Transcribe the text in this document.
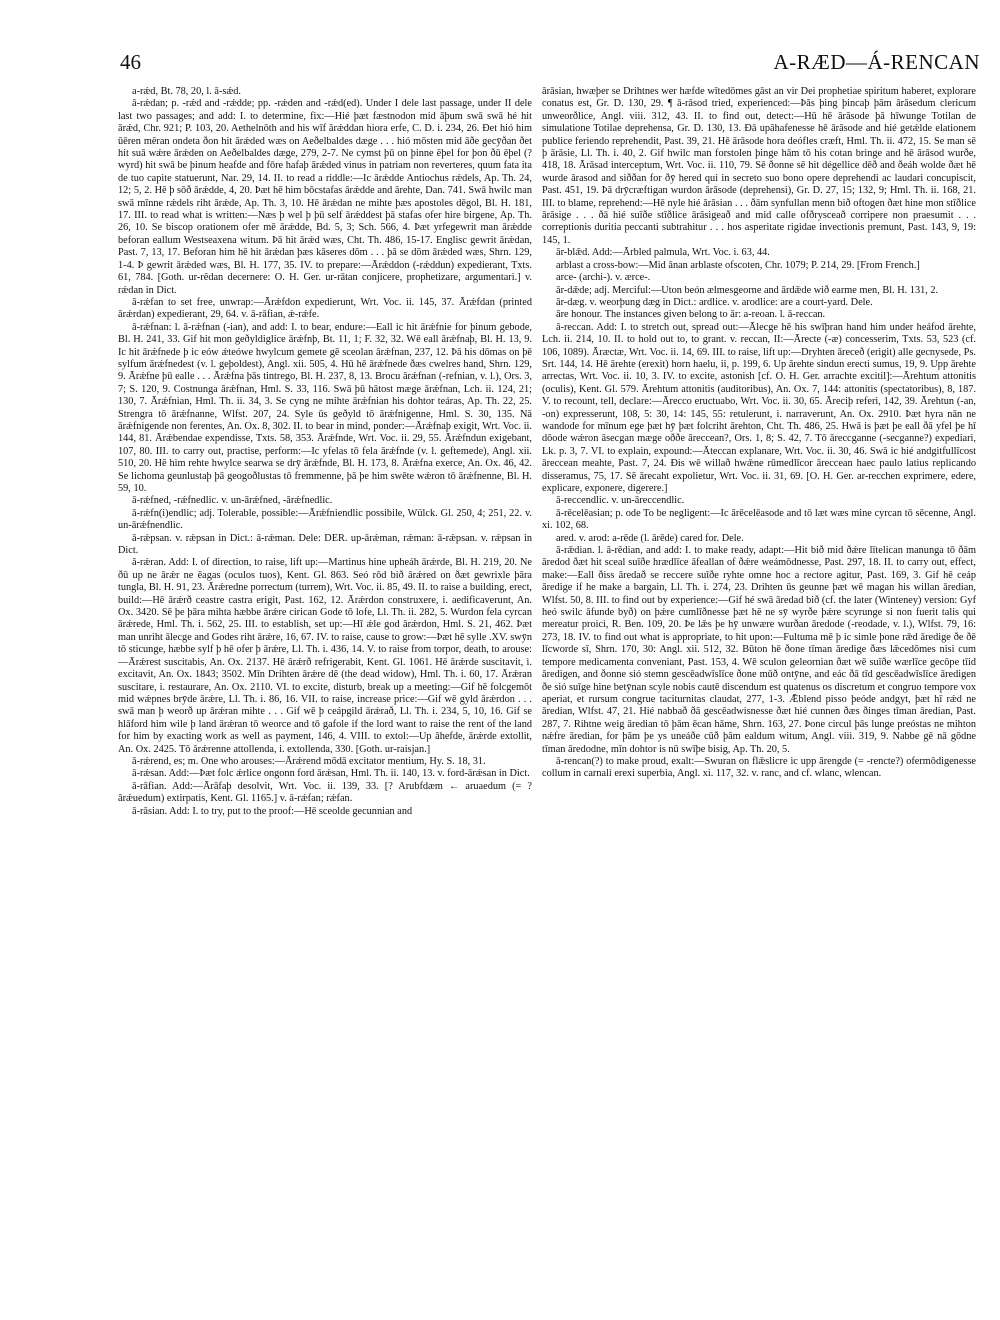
46	A-RÆD—Á-RENCAN

a-rǽd, Bt. 78, 20, l. ā-sǽd.

ā-rǽdan; p. -rǽd and -rǽdde; pp. -rǽden and -rǽd(ed). Under I dele last passage, under II dele last two passages; and add: I. to determine, fix:—Hié þæt fæstnodon mid āþum swā swā hé hit ārǽd, Chr. 921; P. 103, 20. Aethelnōth and his wīf ārǽddan hiora erfe, C. D. i. 234, 26. Ðet hió him ūēren mēran ondeta ðon hit ārǽded wæs on Aeðelbaldes dæge . . . hió mōsten mid āðe gecȳðan ðet hit suā wǽre ārǽden on Aeðelbaldes dæge, 279, 2-7. Ne cymst þū on þinne ēþel for þon ðū ēþel (? wyrd) hit swā be þinum heafde and fōre hafaþ ārǽded vinus in patriam non reverteres, quum fata ita de tuo capite statuerunt, Nar. 29, 14. II. to read a riddle:—Ic ārǽdde Antiochus rǽdels, Ap. Th. 24, 12; 5, 2. Hē þ sōð ārǽdde, 4, 20. Þæt hē him bōcstafas ārǽdde and ārehte, Dan. 741. Swā hwilc man swā mīnne rǽdels riht ārǽde, Ap. Th. 3, 10. Hē ārǽdan ne mihte þæs apostoles dēgol, Bl. H. 181, 17. III. to read what is written:—Næs þ wel þ þū self ārǽddest þā stafas ofer hire birgene, Ap. Th. 26, 10. Se biscop orationem ofer mē ārǽdde, Bd. 5, 3; Sch. 566, 4. Þæt yrfegewrit man ārǽdde beforan eallum Westseaxena witum. Þā hit ārǽd wæs, Cht. Th. 486, 15-17. Englisc gewrit ārǽdan, Past. 7, 13, 17. Beforan him hē hit ārǽdan þæs kāseres dōm . . . þā se dōm ārǽded wæs, Shrn. 129, 1-4. Þ gewrit ārǽded wæs, Bl. H. 177, 35. IV. to prepare:—Ārǽddon (-rǽddun) expedierant, Txts. 61, 784. [Goth. ur-rēdan decernere: O. H. Ger. ur-rātan conjicere, prophetizare, argumentari.] v. rǽdan in Dict.

ā-rǽfan to set free, unwrap:—Ārǽfdon expedierunt, Wrt. Voc. ii. 145, 37. Ārǽfdan (printed ārǽrdan) expedierant, 29, 64. v. ā-rāfian, ǽ-rǽfe.

ā-rǽfnan: l. ā-rǽfnan (-ian), and add: I. to bear, endure:—Eall ic hit ārǽfnie for þinum gebode, Bl. H. 241, 33. Gif hit mon geðyldiglice ārǽfnþ, Bt. 11, 1; F. 32, 32. Wē eall ārǽfnaþ, Bl. H. 13, 9. Ic hit ārǽfnede þ ic eów ǽteówe hwylcum gemete gē sceolan ārǽfnan, 237, 12. Þā his dōmas on þē sylfum ārǽfnedest (v. l. geþoldest), Angl. xii. 505, 4. Hū hē ārǽfnede ðæs cwelres hand, Shrn. 129, 9. Ārǽfne þū ealle . . . Ārǽfna þās tintrego, Bl. H. 237, 8, 13. Brocu ārǽfnan (-refnian, v. l.), Ors. 3, 7; S. 120, 9. Costnunga ārǽfnan, Hml. S. 33, 116. Swā þū hātost mæge ārǽfnan, Lch. ii. 124, 21; 130, 7. Ārǽfnian, Hml. Th. ii. 34, 3. Se cyng ne mihte ārǽfnian his dohtor teáras, Ap. Th. 22, 25. Strengra tō ārǽfnanne, Wlfst. 207, 24. Syle ūs geðyld tō ārǽfnigenne, Hml. S. 30, 135. Nā ārǽfnigende non ferentes, An. Ox. 8, 302. II. to bear in mind, ponder:—Ārǽfnaþ exigit, Wrt. Voc. ii. 144, 81. Ārǽbendae expendisse, Txts. 58, 353. Ārǽfnde, Wrt. Voc. ii. 29, 55. Ārǽfndun exigebant, 107, 80. III. to carry out, practise, perform:—Ic yfelas tō fela ārǽfnde (v. l. geftemede), Angl. xii. 510, 20. Hē him rehte hwylce searwa se drȳ ārǽfnde, Bl. H. 173, 8. Ārǽfna exerce, An. Ox. 46, 42. Se lichoma geunlustaþ þā geogoðlustas tō fremmenne, þā þe him swēte wǽron tō ārǽfnenne, Bl. H. 59, 10.

ā-rǽfned, -rǽfnedlic. v. un-ārǽfned, -ārǽfnedlic.

ā-rǽfn(i)endlic; adj. Tolerable, possible:—Ārǽfniendlic possibile, Wülck. Gl. 250, 4; 251, 22. v. un-ārǽfnendlic.

ā-rǽpsan. v. rǽpsan in Dict.: ā-rǽman. Dele: DER. up-ārǽman, rǽman: ā-rǽpsan. v. rǽpsan in Dict.

ā-rǽran. Add: I. of direction, to raise, lift up:—Martinus hine upheáh ārǽrde, Bl. H. 219, 20. Ne ðū up ne ārǽr ne ēagas (oculos tuos), Kent. Gl. 863. Seó rōd bið ārǽred on ðæt gewrixle þāra tungla, Bl. H. 91, 23. Ārǽredne porrectum (turrem), Wrt. Voc. ii. 85, 49. II. to raise a building, erect, build:—Hē ārǽrð ceastre castra erigit, Past. 162, 12. Ārǽrdon construxere, i. aedificaverunt, An. Ox. 3420. Sē þe þāra mihta hæbbe ārǽre cirican Gode tō lofe, Ll. Th. ii. 282, 5. Wurdon fela cyrcan ārǽrede, Hml. Th. i. 562, 25. III. to establish, set up:—Hī ǽle god ārǽrdon, Hml. S. 21, 462. Þæt man unriht ālecge and Godes riht ārǽre, 16, 67. IV. to raise, cause to grow:—Þæt hē sylle .XV. swȳn tō sticunge, hæbbe sylf þ hē ofer þ ārǽre, Ll. Th. i. 436, 14. V. to raise from torpor, death, to arouse:—Ārǽrest suscitabis, An. Ox. 2137. Hē ārǽrð refrigerabit, Kent. Gl. 1061. Hē ārǽrde suscitavit, i. excitavit, An. Ox. 1843; 3502. Mīn Drihten ārǽre dē (the dead widow), Hml. Th. i. 60, 17. Ārǽran suscitare, i. restaurare, An. Ox. 2110. VI. to excite, disturb, break up a meeting:—Gif hē folcgemōt mid wǽpnes brȳde ārǽre, Ll. Th. i. 86, 16. VII. to raise, increase price:—Gif wē gyld ārǽrdon . . . swā man þ weorð up ārǽran mihte . . . Gif wē þ ceápgild ārǽrað, Ll. Th. i. 234, 5, 10, 16. Gif se hlāford him wile þ land ārǽran tō weorce and tō gafole if the lord want to raise the rent of the land for him by exacting work as well as payment, 146, 4. VIII. to extol:—Up āhefde, ārǽrde extollit, An. Ox. 2425. Tō ārǽrenne attollenda, i. extollenda, 330. [Goth. ur-raisjan.]

ā-rǽrend, es; m. One who arouses:—Ārǽrend mōdā excitator mentium, Hy. S. 18, 31.

ā-rǽsan. Add:—Þæt folc ǽrlice ongonn ford ārǽsan, Hml. Th. ii. 140, 13. v. ford-ārǽsan in Dict.

ā-rāfian. Add:—Ārāfaþ desolvit, Wrt. Voc. ii. 139, 33. [? Arubfdæm ← aruaedum (= ? ārǽuedum) extirpatis, Kent. Gl. 1165.] v. ā-rǽfan; rǽfan.

ā-rāsian. Add: I. to try, put to the proof:—Hē sceolde gecunnian and

ārāsian, hwæþer se Drihtnes wer hæfde wītedōmes gāst an vir Dei prophetiae spiritum haberet, explorare conatus est, Gr. D. 130, 29. ¶ ā-rāsod tried, experienced:—Þās þing þincaþ þām ārāsedum clericum unweorðlice, Angl. viii. 312, 43. II. to find out, detect:—Hū hē ārāsode þā hīwunge Totilan de simulatione Totilae deprehensa, Gr. D. 130, 13. Ðā upāhafenesse hē ārāsode and hié getǽlde elationem publice feriendo reprehendit, Past. 39, 21. Hē ārāsode hora deófles cræft, Hml. Th. ii. 472, 15. Se man sē þ ārāsie, Ll. Th. i. 40, 2. Gif hwilc man forstolen þinge hām tō his cotan bringe and hē ārāsod wurðe, 418, 18. Ārāsad interceptum, Wrt. Voc. ii. 110, 79. Sē ðonne sē hit dégellice dēð and ðeáh wolde ðæt hē wurde ārasod and siððan for ðȳ hered qui in secreto suo bono opere deprehendi ac laudari concupiscit, Past. 451, 19. Þā drȳcræftigan wurdon ārāsode (deprehensi), Gr. D. 27, 15; 132, 9; Hml. Th. ii. 168, 21. III. to blame, reprehend:—Hē nyle hié ārāsian . . . ðām synfullan menn bið oftogen ðæt hine mon stīðlice ārāsige . . . ðā hié suīðe stīðlice ārāsigeað and mid calle ofðrysceað corripere non praesumit . . . correptionis duritia peccanti subtrahitur . . . hos asperitate rigidae invectionis premunt, Past. 143, 9, 19: 145, 1.

ār-blǣd. Add:—Ārbled palmula, Wrt. Voc. i. 63, 44.

arblast a cross-bow:—Mid ānan arblaste ofscoten, Chr. 1079; P. 214, 29. [From French.]

arce- (archi-). v. ærce-.

ār-dǣde; adj. Merciful:—Uton beón ælmesgeorne and ārdǣde wið earme men, Bl. H. 131, 2.

ār-dæg. v. weorþung dæg in Dict.: ardlice. v. arodlice: are a court-yard. Dele.

āre honour. The instances given belong to ār: a-reoan. l. ā-reccan.

ā-reccan. Add: I. to stretch out, spread out:—Ālecge hē his swīþran hand him under heáfod ārehte, Lch. ii. 214, 10. II. to hold out to, to grant. v. reccan, II:—Ārecte (-æ) concesserim, Txts. 53, 523 (cf. 106, 1089). Āræctæ, Wrt. Voc. ii. 14, 69. III. to raise, lift up:—Dryhten āreceð (erigit) alle gecnysede, Ps. Srt. 144, 14. Hē ārehte (erexit) horn haelu, ii, p. 199, 6. Up ārehte sindun erecti sumus, 19, 9. Upp ārehte arrectas, Wrt. Voc. ii. 10, 3. IV. to excite, astonish [cf. O. H. Ger. arrachte excitil]:—Ārehtum attonitis (oculis), Kent. Gl. 579. Ārehtum attonitis (auditoribus), An. Ox. 7, 144: attonitis (spectatoribus), 8, 187. V. to recount, tell, declare:—Ārecco eructuabo, Wrt. Voc. ii. 30, 65. Āreciþ referi, 142, 39. Ārehtun (-an, -on) expresserunt, 108, 5: 30, 14: 145, 55: retulerunt, i. narraverunt, An. Ox. 2910. Þæt hyra nān ne wandode for mīnum ege þæt hȳ þæt folcriht ārehton, Cht. Th. 486, 25. Hwā is þæt þe eall ðā yfel þe hī dōode wǽron āsecgan mæge oððe āreccean?, Ors. 1, 8; S. 42, 7. Tō āreccganne (-secganne?) expediari, Lk. p. 3, 7. VI. to explain, expound:—Āteccan explanare, Wrt. Voc. ii. 30, 46. Swā ic hié andgitfullīcost āreccean meahte, Past. 7, 24. Ðis wē willað hwǣne rūmedlīcor āreccean haec paulo latius replicando disseramus, 75, 17. Sē ārecaht expolietur, Wrt. Voc. ii. 31, 69. [O. H. Ger. ar-recchen exprimere, edere, explicare, exponere, digerere.]

ā-reccendlic. v. un-āreccendlic.

ā-rēcelēasian; p. ode To be negligent:—Ic ārēcelēasode and tō læt wæs mine cyrcan tō sēcenne, Angl. xi. 102, 68.

ared. v. arod: a-rēde (l. ārēde) cared for. Dele.

ā-rǣdian. l. ā-rēdian, and add: I. to make ready, adapt:—Hit bið mid ðǽre lītelican manunga tō ðām āredod ðæt hit sceal suīðe hrædlīce āfeallan of ðǽre weámōdnesse, Past. 297, 18. II. to carry out, effect, make:—Eall ðiss āredað se reccere suīðe ryhte omne hoc a rectore agitur, Past. 169, 3. Gif hē ceáp āredige if he make a bargain, Ll. Th. i. 274, 23. Drihten ūs geunne þæt wē magan his willan āredian, Wlfst. 50, 8. III. to find out by experience:—Gif hé swā āredad bið (cf. the later (Winteney) version: Gyf heó swilc āfunde byð) on þǽre cumlīðnesse þæt hē ne sȳ wyrðe þǽre scyrunge si non fuerit talis qui mereatur proici, R. Ben. 109, 20. Þe lǣs þe hȳ unwære wurðan āredode (-reodade, v. l.), Wlfst. 79, 16: 273, 18. IV. to find out what is appropriate, to hit upon:—Fultuma mē þ ic simle þone rǣd āredige ðe ðē līcworde sī, Shrn. 170, 30: Angl. xii. 512, 32. Būton hē ðone tīman āredige ðæs lǣcedōmes nisi cum tempore medicamenta conveniant, Past. 153, 4. Wē sculon geleornian ðæt wē suīðe wærlīce gecōpe tīid āredigen, and ðonne sió stemn gescēadwīslīce ðone mūð ontȳne, and eác ðā tīd gescēadwīslīce āredigen ðe sió suīge hine betȳnan scyle nobis cautē discendum est quatenus os discretum et congruo tempore vox aperiat, et rursum congrue taciturnitas claudat, 277, 1-3. Ǣblend pisso þeóde andgyt, þæt hī rǽd ne āredian, Wlfst. 47, 21. Hié nabbað ðā gescēadwisnesse ðæt hié cunnen ðæs ðinges tīman āredian, Past. 287, 7. Rihtne weig āredian tō þām ēcan hāme, Shrn. 163, 27. Þone circul þās lunge preóstas ne mihton nǽfre āredian, for þām þe ys uneáðe cūð þām ealdum witum, Angl. viii. 319, 9. Nabbe gē nā gōdne tīman āredodne, mīn dohtor is nū swīþe bisig, Ap. Th. 20, 5.

ā-rencan(?) to make proud, exalt:—Swuran on flǣslicre ic upp ārengde (= -rencte?) ofermōdigenesse collum in carnali erexi superbia, Angl. xi. 117, 32. v. ranc, and cf. wlanc, wlencan.
